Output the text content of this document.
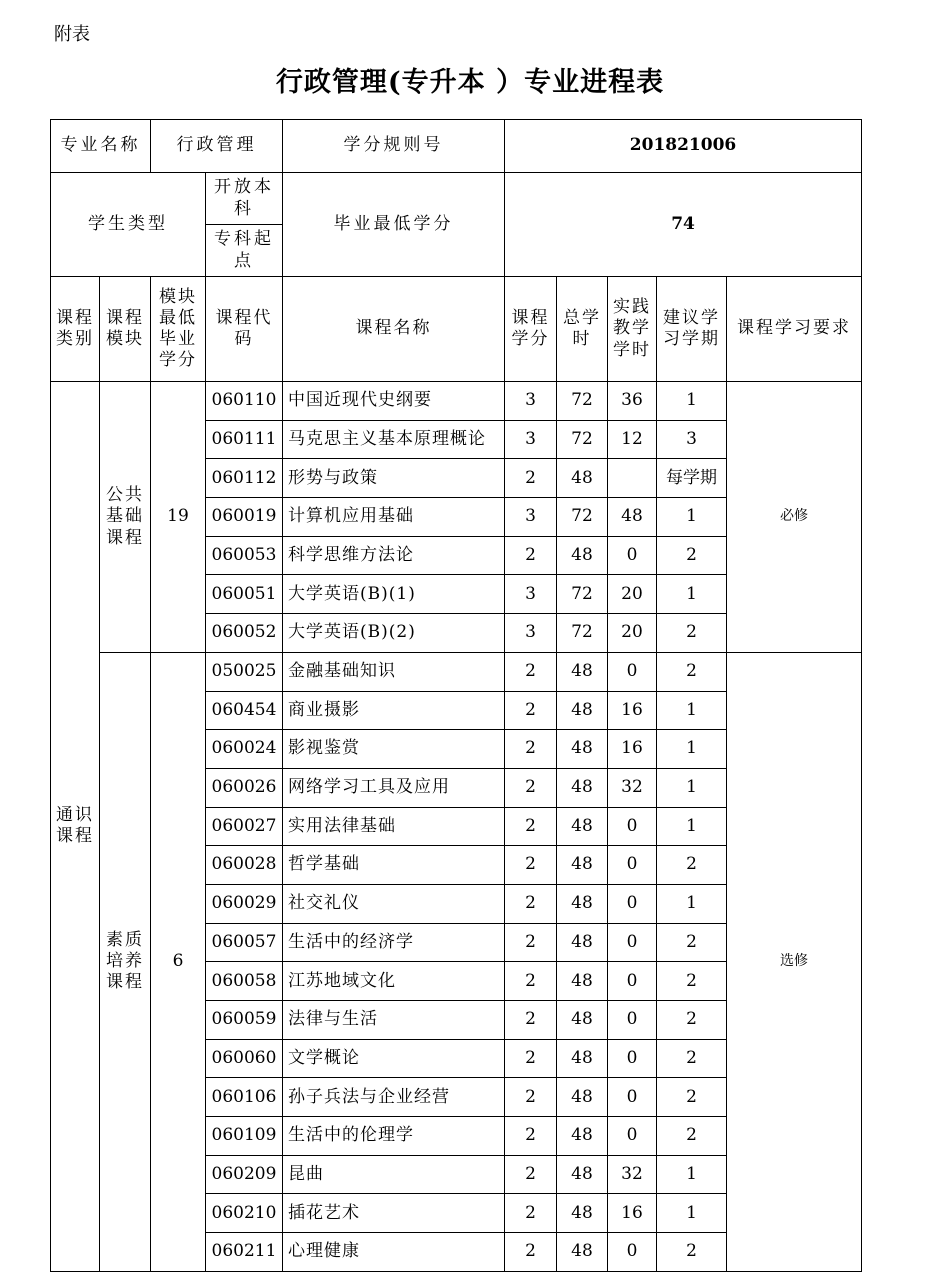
附表
行政管理(专升本 ）专业进程表
专业名称		行政管理		学分规则号	201821006				
学生类型			开放本科	毕业最低学分	74				
			专科起点						
课程类别	课程模块	模块最低毕业学分	课程代码	课程名称	课程学分	总学时	实践教学学时	建议学习学期	课程学习要求
通识课程	公共基础课程	19	060110	中国近现代史纲要	3	72	36	1	必修
			060111	马克思主义基本原理概论	3	72	12	3	
			060112	形势与政策	2	48		每学期	
			060019	计算机应用基础	3	72	48	1	
			060053	科学思维方法论	2	48	0	2	
			060051	大学英语(B)(1)	3	72	20	1	
			060052	大学英语(B)(2)	3	72	20	2	
	素质培养课程	6	050025	金融基础知识	2	48	0	2	选修
			060454	商业摄影	2	48	16	1	
			060024	影视鉴赏	2	48	16	1	
			060026	网络学习工具及应用	2	48	32	1	
			060027	实用法律基础	2	48	0	1	
			060028	哲学基础	2	48	0	2	
			060029	社交礼仪	2	48	0	1	
			060057	生活中的经济学	2	48	0	2	
			060058	江苏地域文化	2	48	0	2	
			060059	法律与生活	2	48	0	2	
			060060	文学概论	2	48	0	2	
			060106	孙子兵法与企业经营	2	48	0	2	
			060109	生活中的伦理学	2	48	0	2	
			060209	昆曲	2	48	32	1	
			060210	插花艺术	2	48	16	1	
			060211	心理健康	2	48	0	2	
